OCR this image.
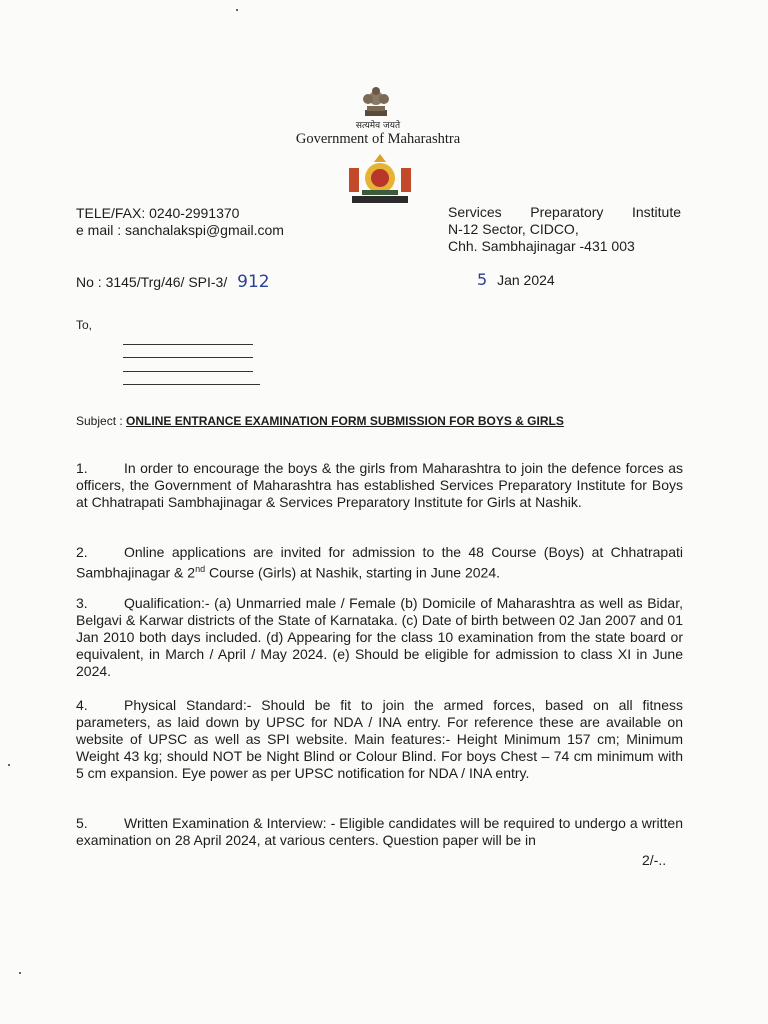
सत्यमेव जयते
Government of Maharashtra
TELE/FAX: 0240-2991370
e mail : sanchalakspi@gmail.com
Services Preparatory Institute
N-12 Sector, CIDCO,
Chh. Sambhajinagar -431 003
No : 3145/Trg/46/ SPI-3/ 912	5 Jan 2024
To,
Subject : ONLINE ENTRANCE EXAMINATION FORM SUBMISSION FOR BOYS & GIRLS
1.	In order to encourage the boys & the girls from Maharashtra to join the defence forces as officers, the Government of Maharashtra has established Services Preparatory Institute for Boys at Chhatrapati Sambhajinagar & Services Preparatory Institute for Girls at Nashik.
2.	Online applications are invited for admission to the 48 Course (Boys) at Chhatrapati Sambhajinagar & 2nd Course (Girls) at Nashik, starting in June 2024.
3.	Qualification:- (a) Unmarried male / Female (b) Domicile of Maharashtra as well as Bidar, Belgavi & Karwar districts of the State of Karnataka. (c) Date of birth between 02 Jan 2007 and 01 Jan 2010 both days included. (d) Appearing for the class 10 examination from the state board or equivalent, in March / April / May 2024. (e) Should be eligible for admission to class XI in June 2024.
4.	Physical Standard:- Should be fit to join the armed forces, based on all fitness parameters, as laid down by UPSC for NDA / INA entry. For reference these are available on website of UPSC as well as SPI website. Main features:- Height Minimum 157 cm; Minimum Weight 43 kg; should NOT be Night Blind or Colour Blind. For boys Chest – 74 cm minimum with 5 cm expansion. Eye power as per UPSC notification for NDA / INA entry.
5.	Written Examination & Interview: - Eligible candidates will be required to undergo a written examination on 28 April 2024, at various centers. Question paper will be in
2/-..
